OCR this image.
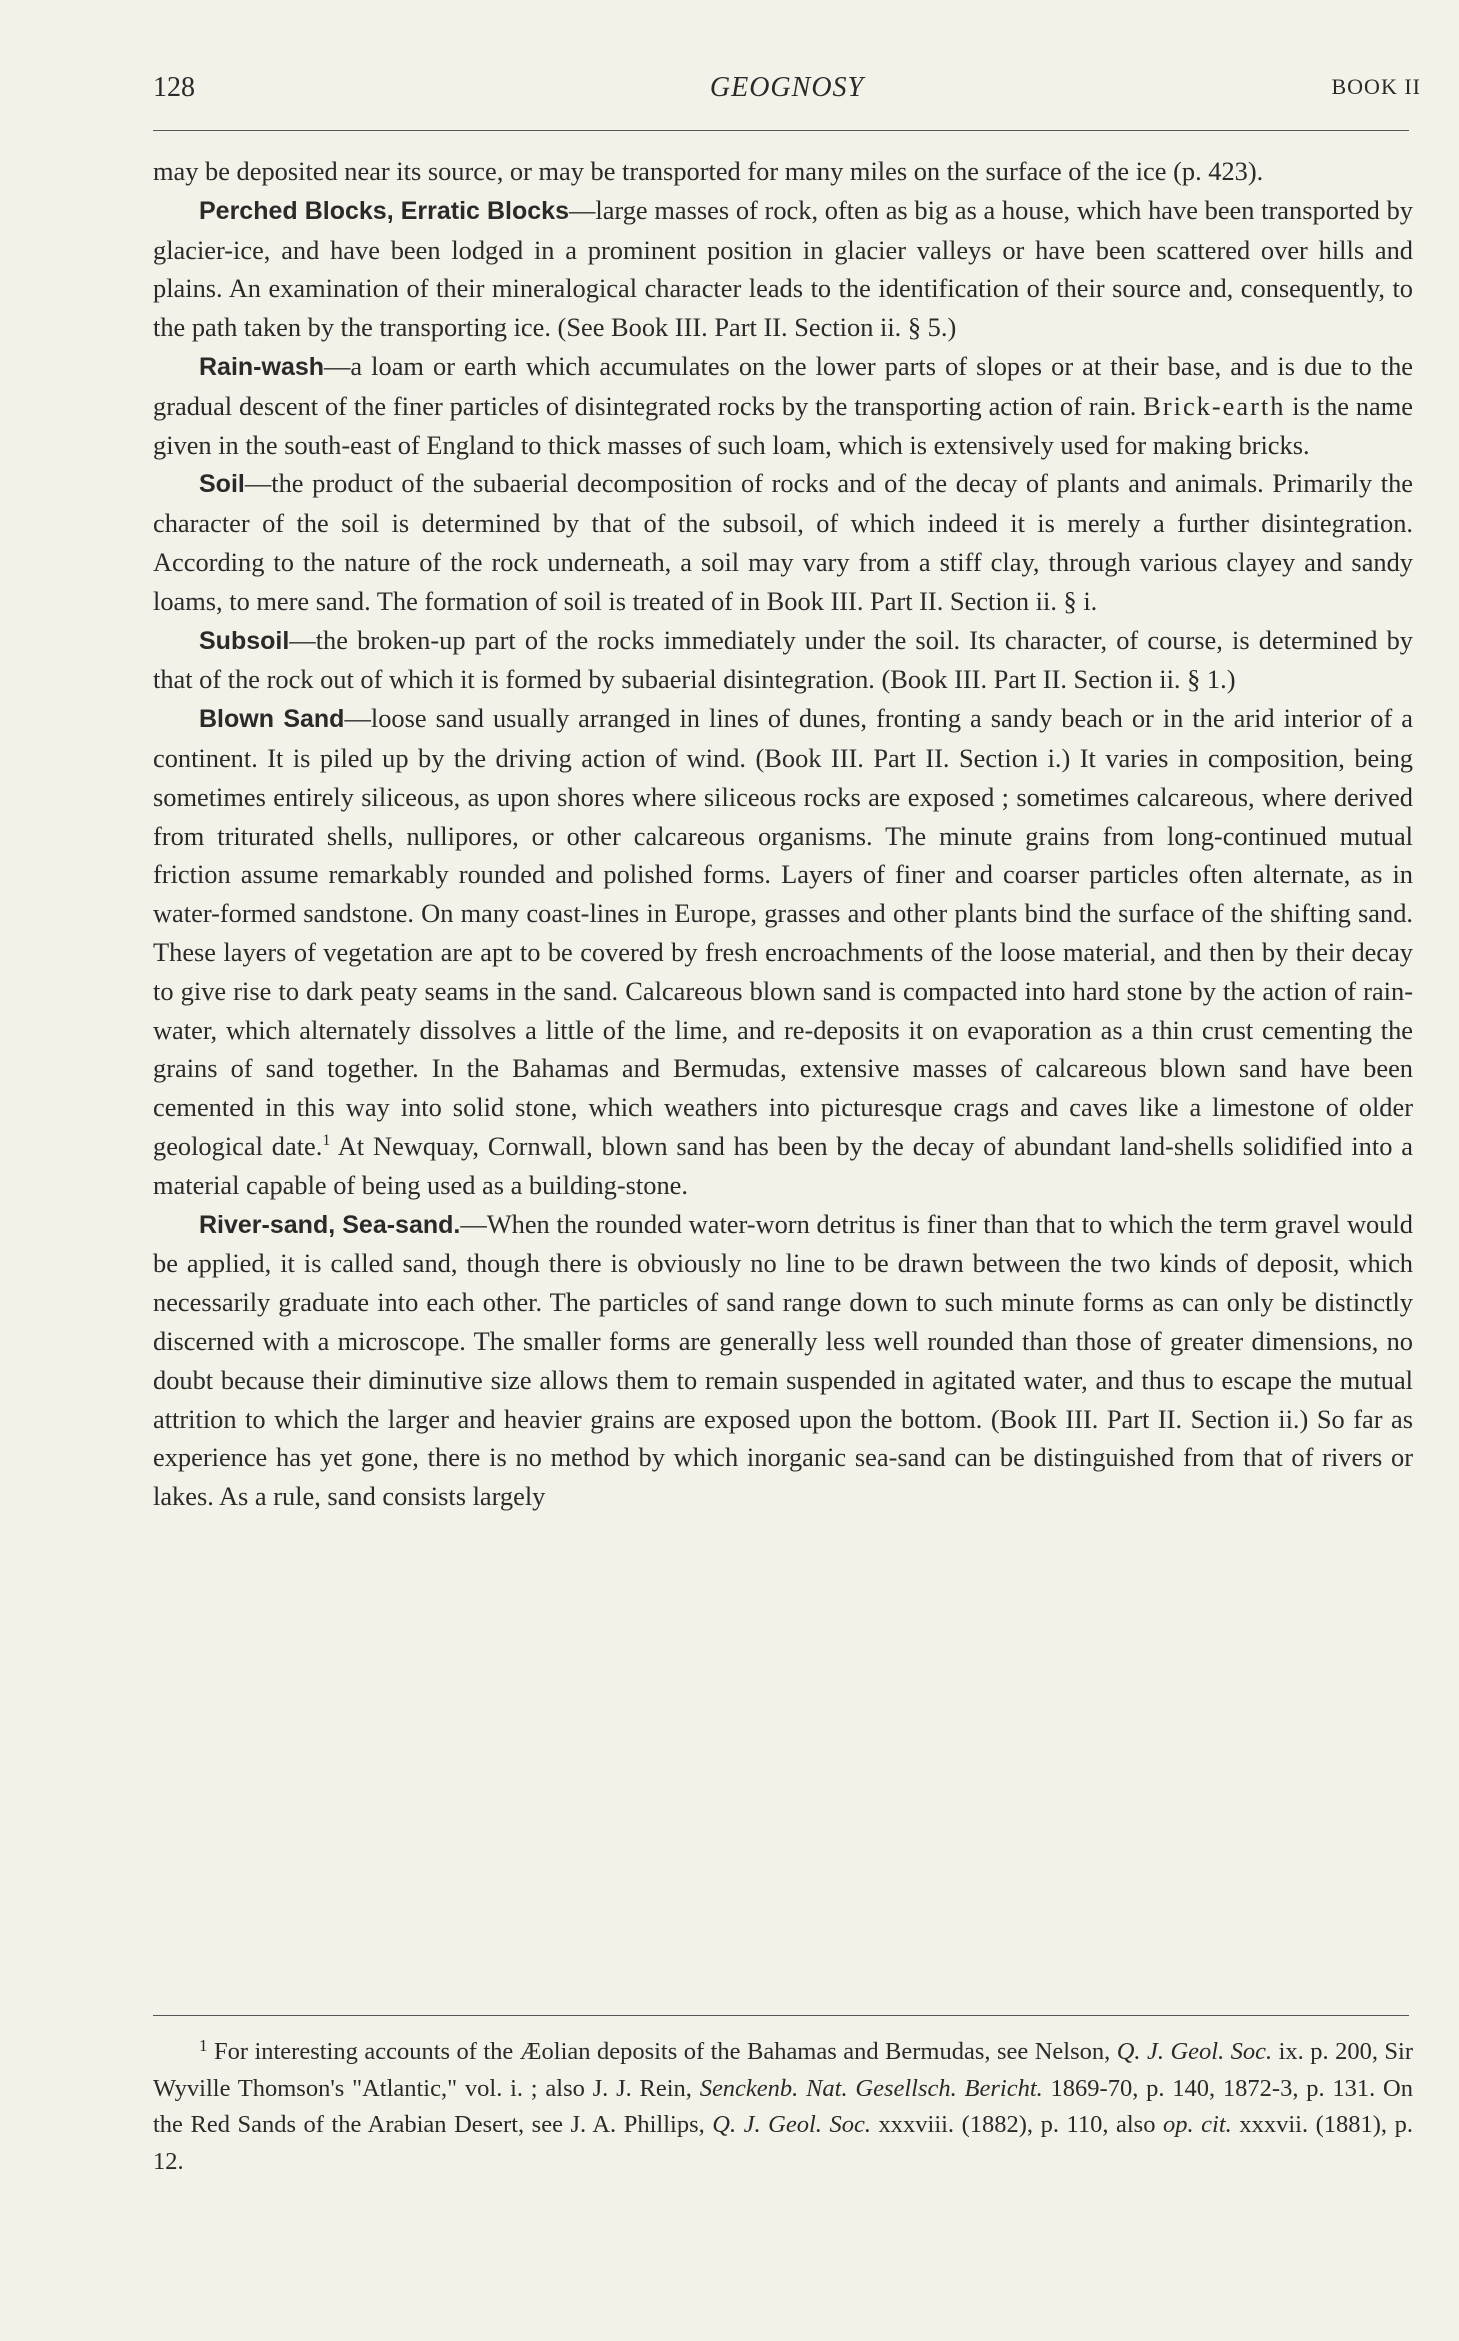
128	GEOGNOSY	BOOK II

may be deposited near its source, or may be transported for many miles on the surface of the ice (p. 423).

Perched Blocks, Erratic Blocks—large masses of rock, often as big as a house, which have been transported by glacier-ice, and have been lodged in a prominent position in glacier valleys or have been scattered over hills and plains. An examination of their mineralogical character leads to the identification of their source and, consequently, to the path taken by the transporting ice. (See Book III. Part II. Section ii. § 5.)

Rain-wash—a loam or earth which accumulates on the lower parts of slopes or at their base, and is due to the gradual descent of the finer particles of disintegrated rocks by the transporting action of rain. Brick-earth is the name given in the south-east of England to thick masses of such loam, which is extensively used for making bricks.

Soil—the product of the subaerial decomposition of rocks and of the decay of plants and animals. Primarily the character of the soil is determined by that of the subsoil, of which indeed it is merely a further disintegration. According to the nature of the rock underneath, a soil may vary from a stiff clay, through various clayey and sandy loams, to mere sand. The formation of soil is treated of in Book III. Part II. Section ii. § i.

Subsoil—the broken-up part of the rocks immediately under the soil. Its character, of course, is determined by that of the rock out of which it is formed by subaerial disintegration. (Book III. Part II. Section ii. § 1.)

Blown Sand—loose sand usually arranged in lines of dunes, fronting a sandy beach or in the arid interior of a continent. It is piled up by the driving action of wind. (Book III. Part II. Section i.) It varies in composition, being sometimes entirely siliceous, as upon shores where siliceous rocks are exposed ; sometimes calcareous, where derived from triturated shells, nullipores, or other calcareous organisms. The minute grains from long-continued mutual friction assume remarkably rounded and polished forms. Layers of finer and coarser particles often alternate, as in water-formed sandstone. On many coast-lines in Europe, grasses and other plants bind the surface of the shifting sand. These layers of vegetation are apt to be covered by fresh encroachments of the loose material, and then by their decay to give rise to dark peaty seams in the sand. Calcareous blown sand is compacted into hard stone by the action of rain-water, which alternately dissolves a little of the lime, and re-deposits it on evaporation as a thin crust cementing the grains of sand together. In the Bahamas and Bermudas, extensive masses of calcareous blown sand have been cemented in this way into solid stone, which weathers into picturesque crags and caves like a limestone of older geological date.$^1$ At Newquay, Cornwall, blown sand has been by the decay of abundant land-shells solidified into a material capable of being used as a building-stone.

River-sand, Sea-sand.—When the rounded water-worn detritus is finer than that to which the term gravel would be applied, it is called sand, though there is obviously no line to be drawn between the two kinds of deposit, which necessarily graduate into each other. The particles of sand range down to such minute forms as can only be distinctly discerned with a microscope. The smaller forms are generally less well rounded than those of greater dimensions, no doubt because their diminutive size allows them to remain suspended in agitated water, and thus to escape the mutual attrition to which the larger and heavier grains are exposed upon the bottom. (Book III. Part II. Section ii.) So far as experience has yet gone, there is no method by which inorganic sea-sand can be distinguished from that of rivers or lakes. As a rule, sand consists largely

$^1$ For interesting accounts of the Æolian deposits of the Bahamas and Bermudas, see Nelson, Q. J. Geol. Soc. ix. p. 200, Sir Wyville Thomson's "Atlantic," vol. i. ; also J. J. Rein, Senckenb. Nat. Gesellsch. Bericht. 1869-70, p. 140, 1872-3, p. 131. On the Red Sands of the Arabian Desert, see J. A. Phillips, Q. J. Geol. Soc. xxxviii. (1882), p. 110, also op. cit. xxxvii. (1881), p. 12.
